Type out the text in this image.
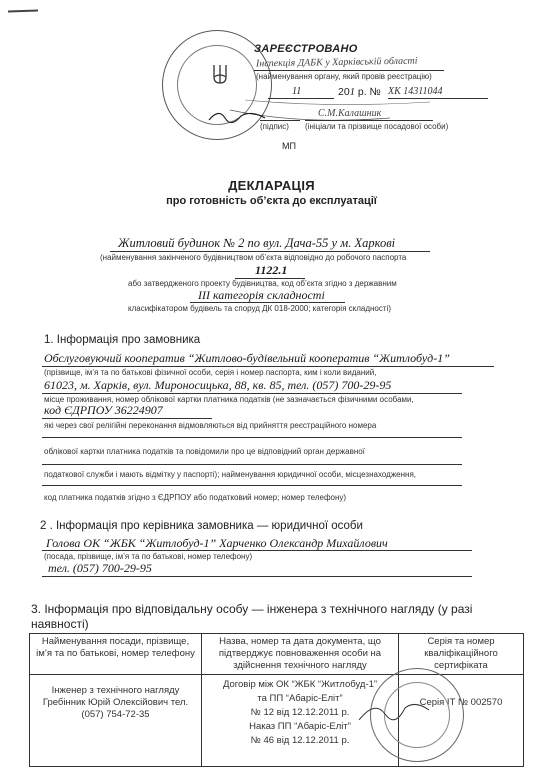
ЗАРЕЄСТРОВАНО
Інспекція ДАБК у Харківській області
(найменування органу, який провів реєстрацію)
11	201 р. № ХК 14311044
С.М.Калашник
(підпис) (ініціали та прізвище посадової особи)
МП
ДЕКЛАРАЦІЯ
про готовність об’єкта до експлуатації
Житловий будинок № 2 по вул. Дача-55 у м. Харкові
(найменування закінченого будівництвом об’єкта відповідно до робочого паспорта
1122.1
або затвердженого проекту будівництва, код об’єкта згідно з державним
ІІІ категорія складності
класифікатором будівель та споруд ДК 018-2000; категорія складності)
1. Інформація про замовника
Обслуговуючий кооператив “Житлово-будівельний кооператив “Житлобуд-1”
(прізвище, ім’я та по батькові фізичної особи, серія і номер паспорта, ким і коли виданий,
61023, м. Харків, вул. Мироносицька, 88, кв. 85, тел. (057) 700-29-95
місце проживання, номер облікової картки платника податків (не зазначається фізичними особами,
код ЄДРПОУ 36224907
які через свої релігійні переконання відмовляються від прийняття реєстраційного номера
облікової картки платника податків та повідомили про це відповідний орган державної
податкової служби і мають відмітку у паспорті); найменування юридичної особи, місцезнаходження,
код платника податків згідно з ЄДРПОУ або податковий номер; номер телефону)
2 . Інформація про керівника замовника — юридичної особи
Голова ОК “ЖБК “Житлобуд-1” Харченко Олександр Михайлович
(посада, прізвище, ім’я та по батькові, номер телефону)
тел. (057) 700-29-95
3. Інформація про відповідальну особу — інженера з технічного нагляду (у разі
наявності)
Найменування посади, прізвище, ім’я та по батькові, номер телефону	Назва, номер та дата документа, що підтверджує повноваження особи на здійснення технічного нагляду	Серія та номер кваліфікаційного сертифіката
Інженер з технічного нагляду Гребінник Юрій Олексійович тел. (057) 754-72-35	Договір між ОК “ЖБК “Житлобуд-1”
та ПП “Абаріс-Еліт”
№ 12 від 12.12.2011 р.
Наказ ПП “Абаріс-Еліт”
№ 46 від 12.12.2011 р.	Серія IT № 002570
